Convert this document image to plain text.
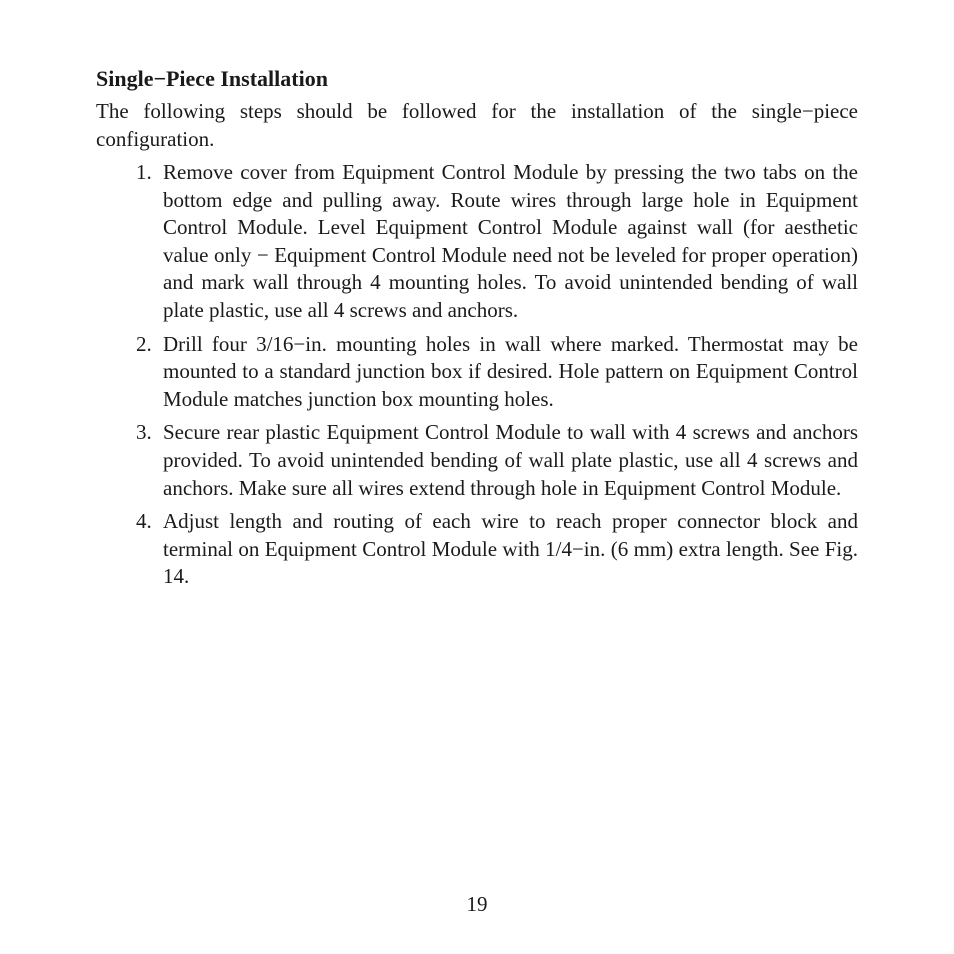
Single−Piece Installation

The following steps should be followed for the installation of the single−piece configuration.

1. Remove cover from Equipment Control Module by pressing the two tabs on the bottom edge and pulling away. Route wires through large hole in Equipment Control Module. Level Equipment Control Module against wall (for aesthetic value only − Equipment Control Module need not be leveled for proper operation) and mark wall through 4 mounting holes. To avoid unintended bending of wall plate plastic, use all 4 screws and anchors.
2. Drill four 3/16−in. mounting holes in wall where marked. Thermostat may be mounted to a standard junction box if desired. Hole pattern on Equipment Control Module matches junction box mounting holes.
3. Secure rear plastic Equipment Control Module to wall with 4 screws and anchors provided. To avoid unintended bending of wall plate plastic, use all 4 screws and anchors. Make sure all wires extend through hole in Equipment Control Module.
4. Adjust length and routing of each wire to reach proper connector block and terminal on Equipment Control Module with 1/4−in. (6 mm) extra length. See Fig. 14.
19
